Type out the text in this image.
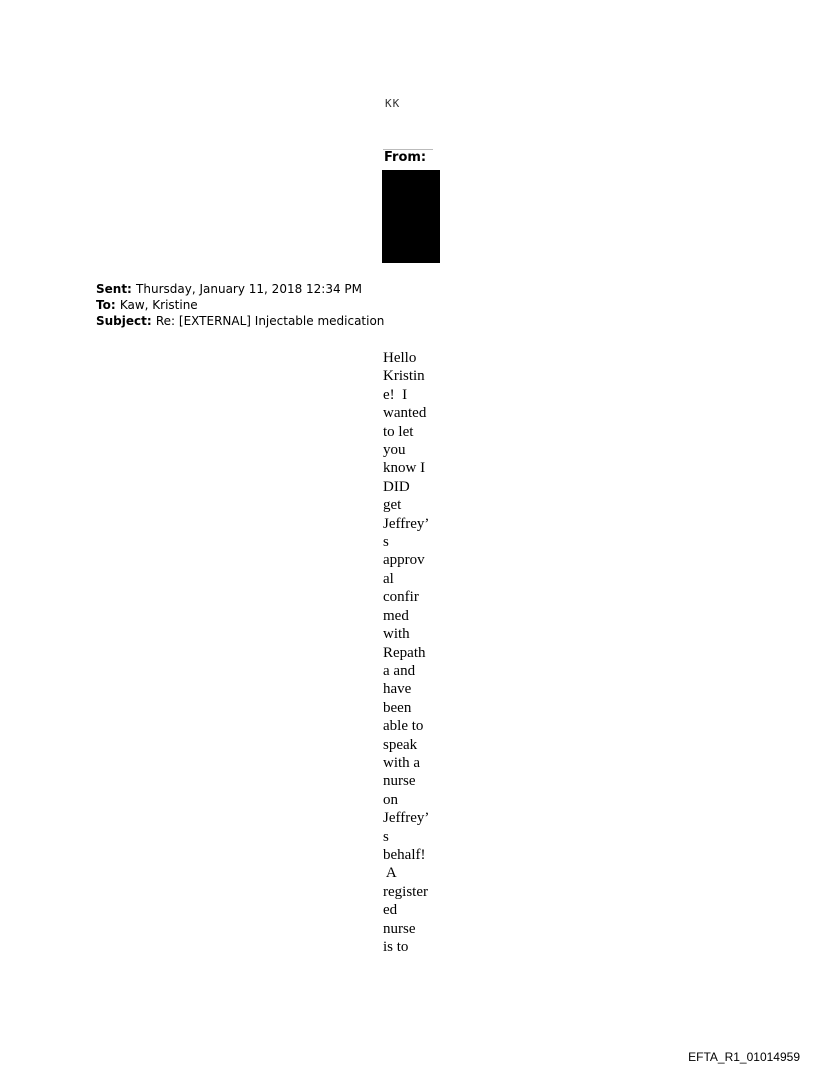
KK
From:
Sent: Thursday, January 11, 2018 12:34 PM
To: Kaw, Kristine
Subject: Re: [EXTERNAL] Injectable medication
Hello
Kristin
e!  I
wanted
to let
you
know I
DID
get
Jeffrey’
s
approv
al
confir
med
with
Repath
a and
have
been
able to
speak
with a
nurse
on
Jeffrey’
s
behalf!
A
register
ed
nurse
is to
EFTA_R1_01014959
